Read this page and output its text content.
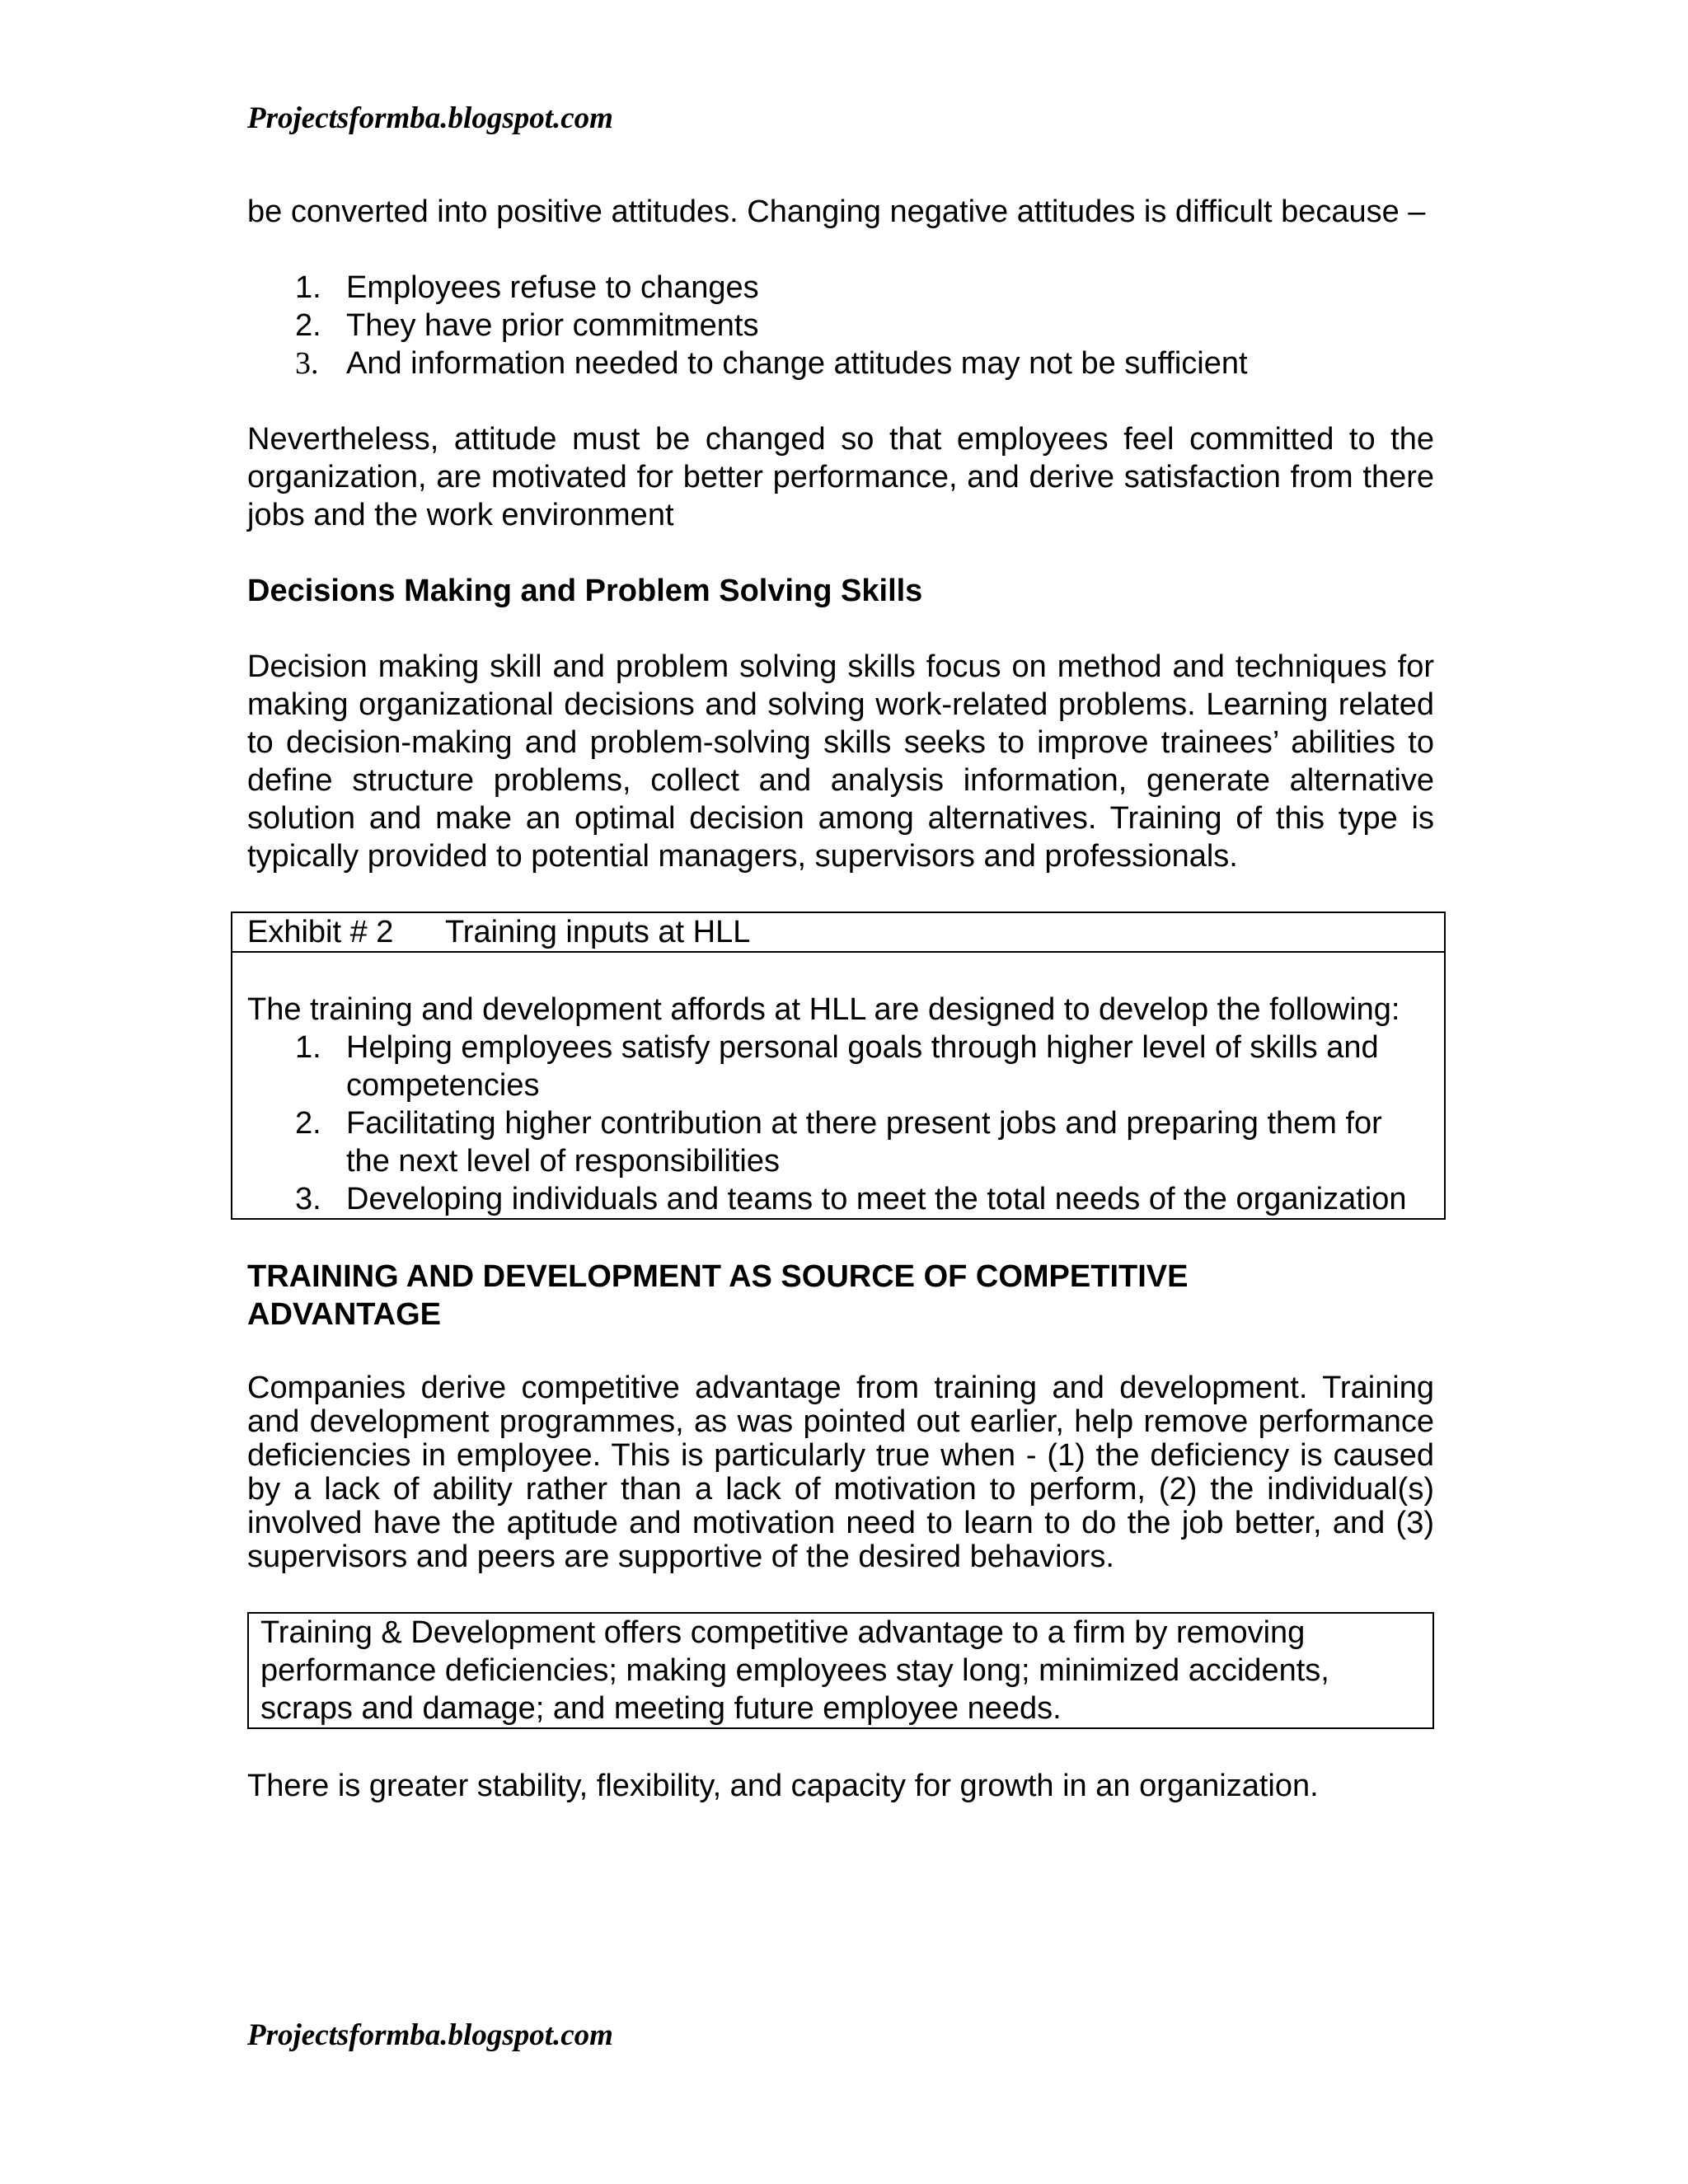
Projectsformba.blogspot.com

be converted into positive attitudes. Changing negative attitudes is difficult because –

1. Employees refuse to changes
2. They have prior commitments
3. And information needed to change attitudes may not be sufficient

Nevertheless, attitude must be changed so that employees feel committed to the organization, are motivated for better performance, and derive satisfaction from there jobs and the work environment

Decisions Making and Problem Solving Skills

Decision making skill and problem solving skills focus on method and techniques for making organizational decisions and solving work-related problems. Learning related to decision-making and problem-solving skills seeks to improve trainees’ abilities to define structure problems, collect and analysis information, generate alternative solution and make an optimal decision among alternatives. Training of this type is typically provided to potential managers, supervisors and professionals.

Exhibit # 2 Training inputs at HLL

The training and development affords at HLL are designed to develop the following:

1. Helping employees satisfy personal goals through higher level of skills and competencies
2. Facilitating higher contribution at there present jobs and preparing them for the next level of responsibilities
3. Developing individuals and teams to meet the total needs of the organization

TRAINING AND DEVELOPMENT AS SOURCE OF COMPETITIVE ADVANTAGE

Companies derive competitive advantage from training and development. Training and development programmes, as was pointed out earlier, help remove performance deficiencies in employee. This is particularly true when - (1) the deficiency is caused by a lack of ability rather than a lack of motivation to perform, (2) the individual(s) involved have the aptitude and motivation need to learn to do the job better, and (3) supervisors and peers are supportive of the desired behaviors.

Training & Development offers competitive advantage to a firm by removing performance deficiencies; making employees stay long; minimized accidents, scraps and damage; and meeting future employee needs.

There is greater stability, flexibility, and capacity for growth in an organization.

Projectsformba.blogspot.com
